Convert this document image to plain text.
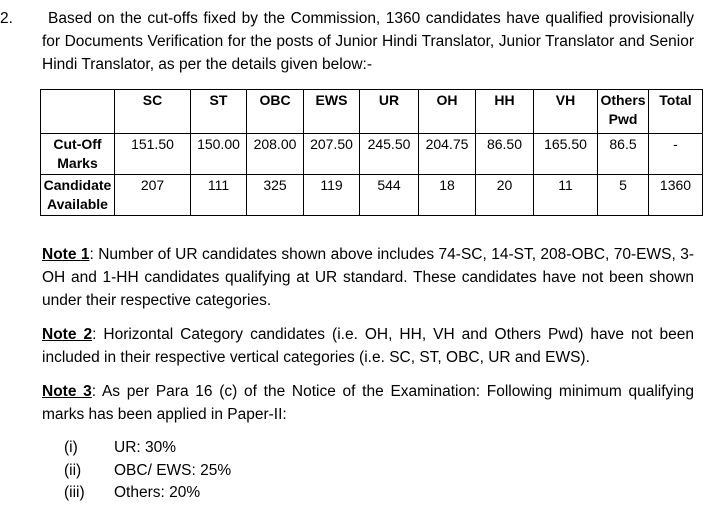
2.	Based on the cut-offs fixed by the Commission, 1360 candidates have qualified provisionally for Documents Verification for the posts of Junior Hindi Translator, Junior Translator and Senior Hindi Translator, as per the details given below:-
	SC	ST	OBC	EWS	UR	OH	HH	VH	Others Pwd	Total
Cut-Off Marks	151.50	150.00	208.00	207.50	245.50	204.75	86.50	165.50	86.5	-
Candidate Available	207	111	325	119	544	18	20	11	5	1360
Note 1: Number of UR candidates shown above includes 74-SC, 14-ST, 208-OBC, 70-EWS, 3-OH and 1-HH candidates qualifying at UR standard. These candidates have not been shown under their respective categories.
Note 2: Horizontal Category candidates (i.e. OH, HH, VH and Others Pwd) have not been included in their respective vertical categories (i.e. SC, ST, OBC, UR and EWS).
Note 3: As per Para 16 (c) of the Notice of the Examination: Following minimum qualifying marks has been applied in Paper-II:
(i)	UR: 30%
(ii)	OBC/ EWS: 25%
(iii)	Others: 20%
